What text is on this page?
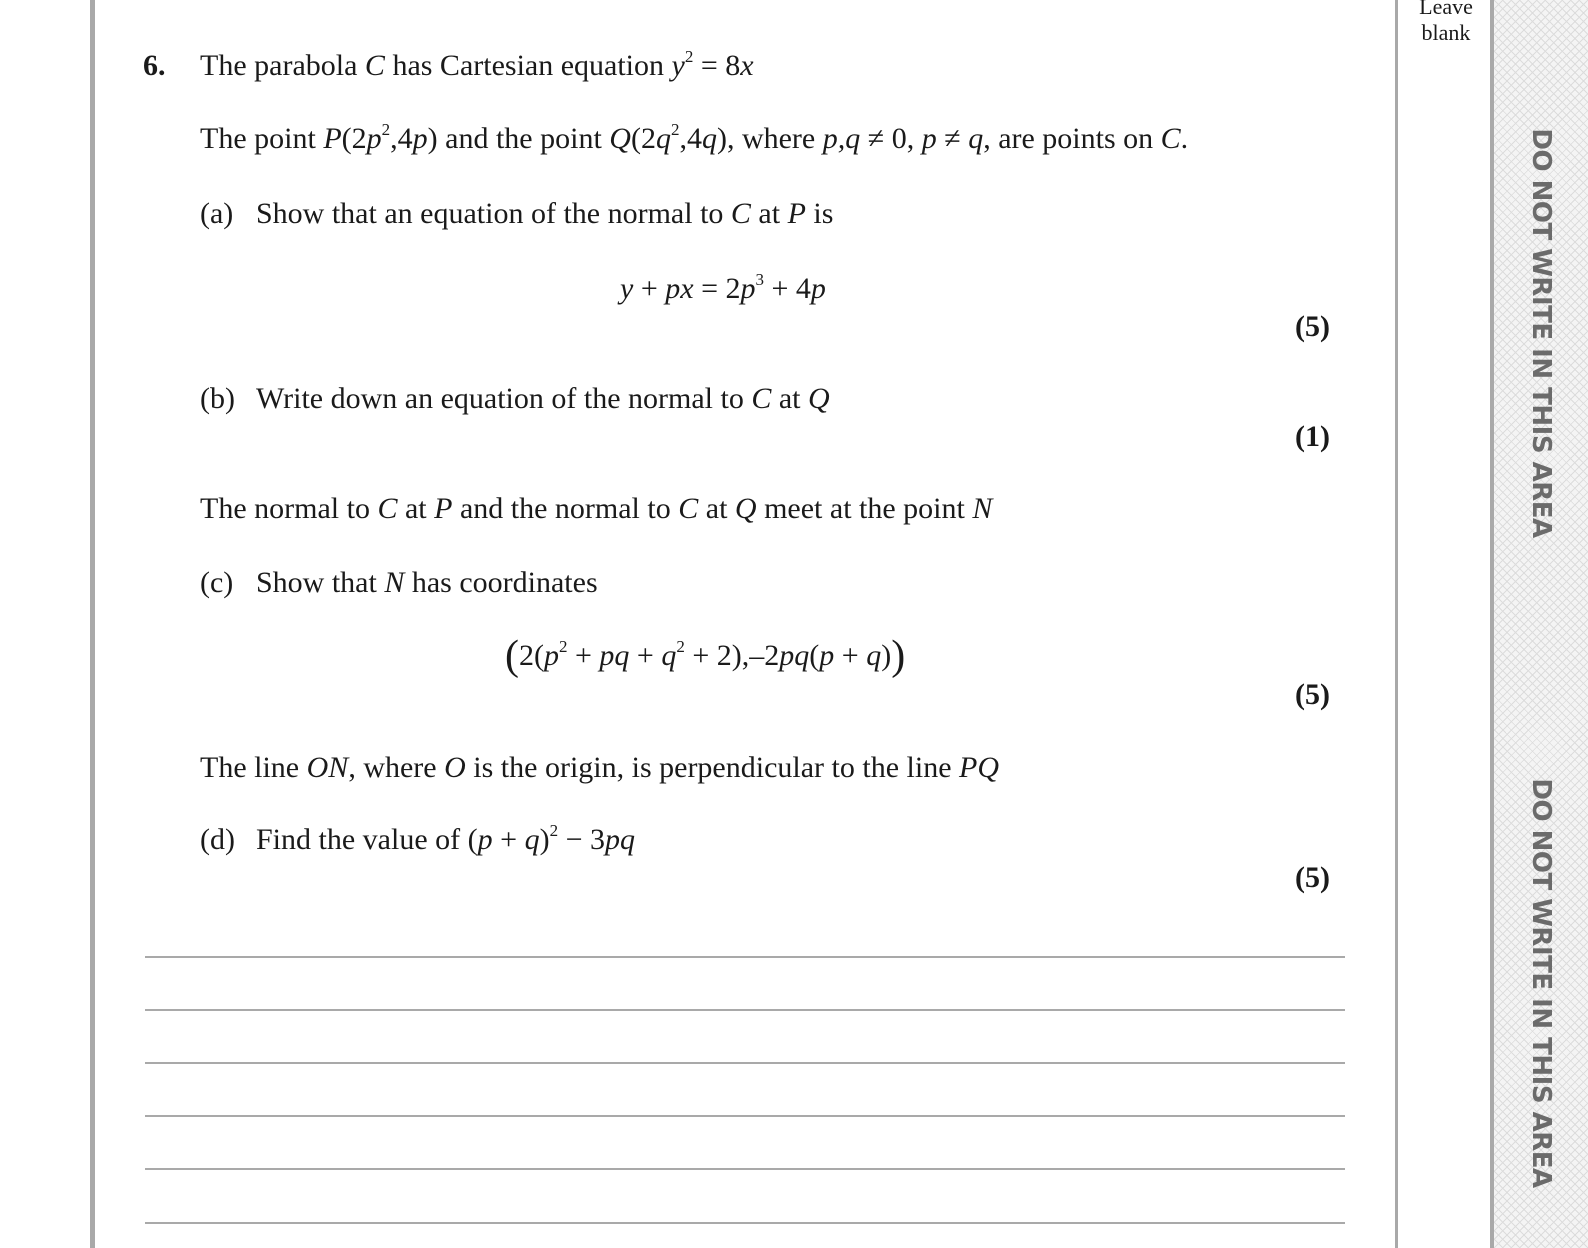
DO NOT WRITE IN THIS AREA
DO NOT WRITE IN THIS AREA
Leave
blank
6. The parabola C has Cartesian equation $y^2 = 8x$
The point $P(2p^2,4p)$ and the point $Q(2q^2,4q)$, where p,q ≠ 0, p ≠ q, are points on C.
(a) Show that an equation of the normal to C at P is
y + px = $2p^3 + 4p$
(5)
(b) Write down an equation of the normal to C at Q
(1)
The normal to C at P and the normal to C at Q meet at the point N
(c) Show that N has coordinates
($2(p^2$ + pq + $q^2 + 2),-2pq(p + q)$)
(5)
The line ON, where O is the origin, is perpendicular to the line PQ
(d) Find the value of $(p + q)^2 - 3pq$
(5)
